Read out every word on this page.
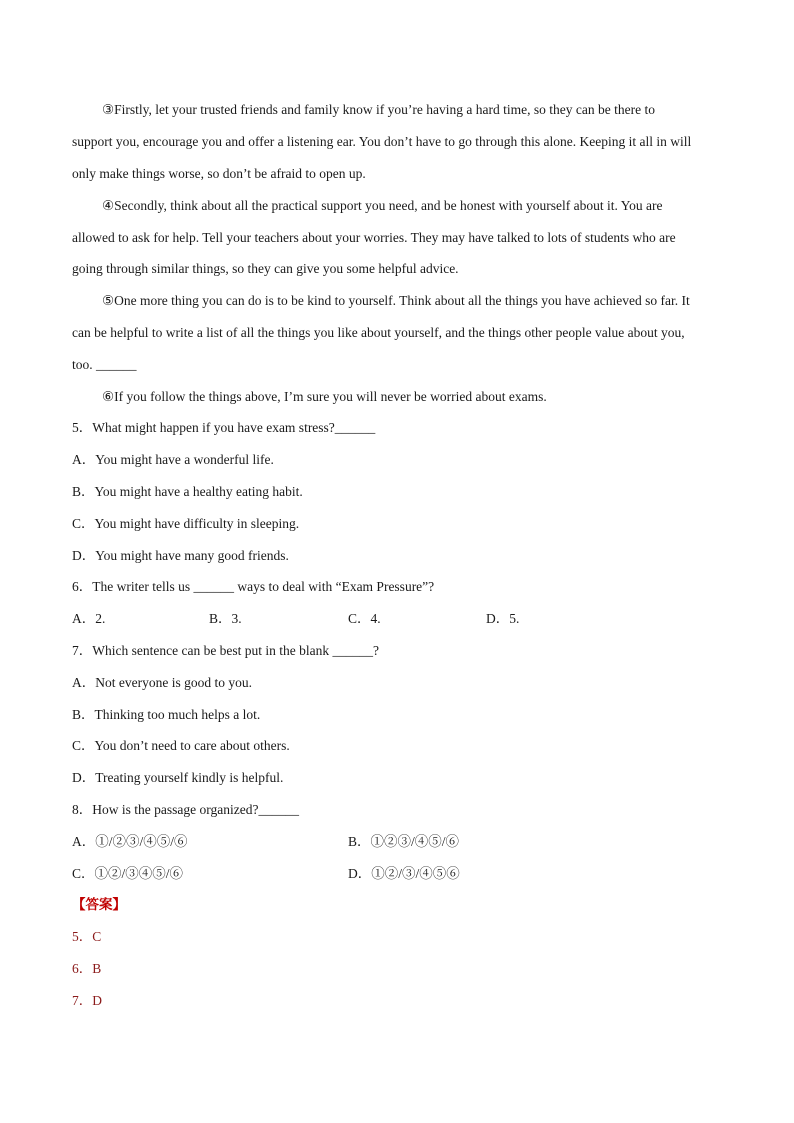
③Firstly, let your trusted friends and family know if you’re having a hard time, so they can be there to
support you, encourage you and offer a listening ear. You don’t have to go through this alone. Keeping it all in will
only make things worse, so don’t be afraid to open up.
④Secondly, think about all the practical support you need, and be honest with yourself about it. You are
allowed to ask for help. Tell your teachers about your worries. They may have talked to lots of students who are
going through similar things, so they can give you some helpful advice.
⑤One more thing you can do is to be kind to yourself. Think about all the things you have achieved so far. It
can be helpful to write a list of all the things you like about yourself, and the things other people value about you,
too. ______
⑥If you follow the things above, I’m sure you will never be worried about exams.
5．What might happen if you have exam stress?______
A．You might have a wonderful life.
B．You might have a healthy eating habit.
C．You might have difficulty in sleeping.
D．You might have many good friends.
6．The writer tells us ______ ways to deal with “Exam Pressure”?
A．2.	B．3.	C．4.	D．5.
7．Which sentence can be best put in the blank ______?
A．Not everyone is good to you.
B．Thinking too much helps a lot.
C．You don’t need to care about others.
D．Treating yourself kindly is helpful.
8．How is the passage organized?______
A．①/②③/④⑤/⑥	B．①②③/④⑤/⑥
C．①②/③④⑤/⑥	D．①②/③/④⑤⑥
【答案】
5．C
6．B
7．D
